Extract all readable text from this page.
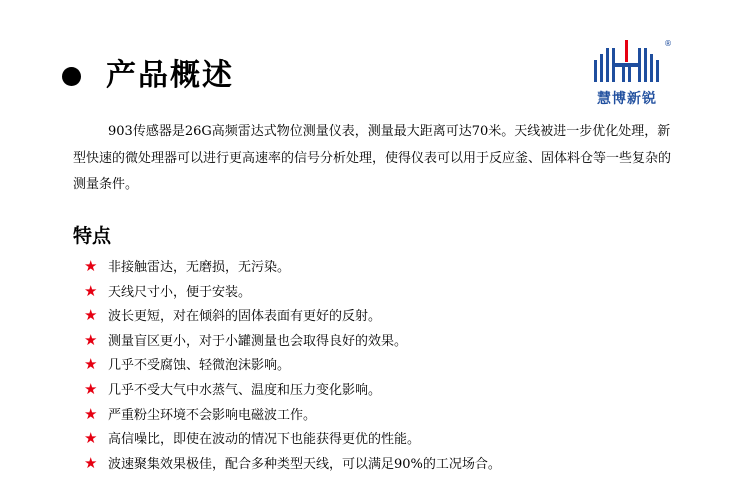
产品概述
®
慧博新锐

903传感器是26G高频雷达式物位测量仪表，测量最大距离可达70米。天线被进一步优化处理，新型快速的微处理器可以进行更高速率的信号分析处理，使得仪表可以用于反应釜、固体料仓等一些复杂的测量条件。

特点
★ 非接触雷达，无磨损，无污染。
★ 天线尺寸小，便于安装。
★ 波长更短，对在倾斜的固体表面有更好的反射。
★ 测量盲区更小，对于小罐测量也会取得良好的效果。
★ 几乎不受腐蚀、轻微泡沫影响。
★ 几乎不受大气中水蒸气、温度和压力变化影响。
★ 严重粉尘环境不会影响电磁波工作。
★ 高信噪比，即使在波动的情况下也能获得更优的性能。
★ 波速聚集效果极佳，配合多种类型天线，可以满足90%的工况场合。
